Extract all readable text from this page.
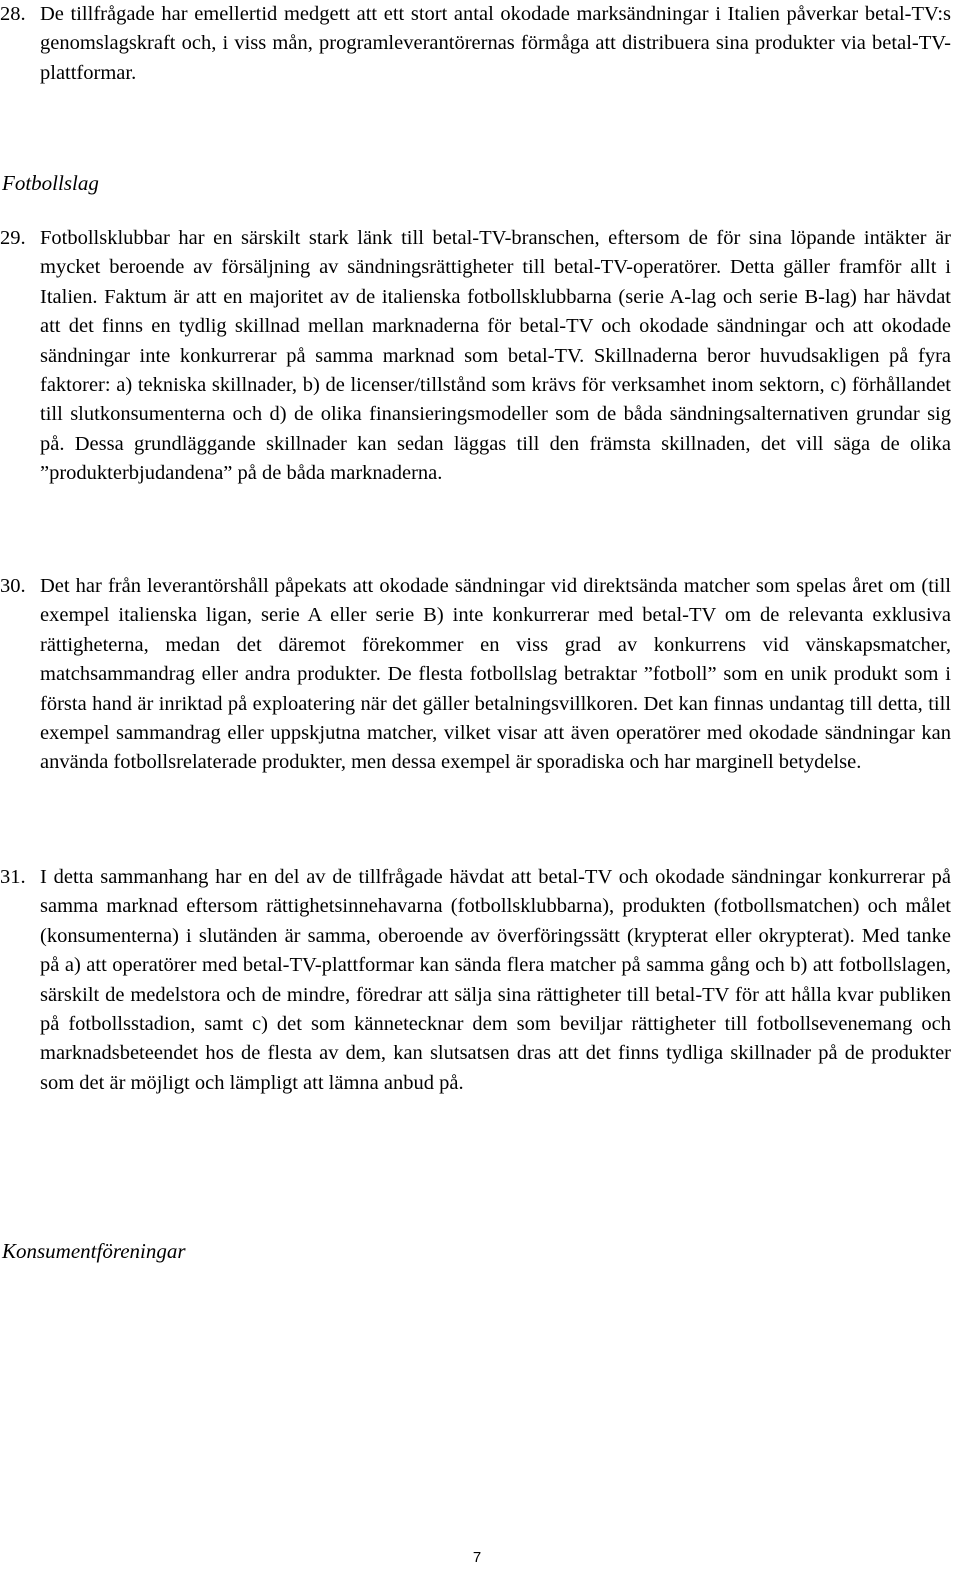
28. De tillfrågade har emellertid medgett att ett stort antal okodade marksändningar i Italien påverkar betal-TV:s genomslagskraft och, i viss mån, programleverantörernas förmåga att distribuera sina produkter via betal-TV-plattformar.

Fotbollslag

29. Fotbollsklubbar har en särskilt stark länk till betal-TV-branschen, eftersom de för sina löpande intäkter är mycket beroende av försäljning av sändningsrättigheter till betal-TV-operatörer. Detta gäller framför allt i Italien. Faktum är att en majoritet av de italienska fotbollsklubbarna (serie A-lag och serie B-lag) har hävdat att det finns en tydlig skillnad mellan marknaderna för betal-TV och okodade sändningar och att okodade sändningar inte konkurrerar på samma marknad som betal-TV. Skillnaderna beror huvudsakligen på fyra faktorer: a) tekniska skillnader, b) de licenser/tillstånd som krävs för verksamhet inom sektorn, c) förhållandet till slutkonsumenterna och d) de olika finansieringsmodeller som de båda sändningsalternativen grundar sig på. Dessa grundläggande skillnader kan sedan läggas till den främsta skillnaden, det vill säga de olika ”produkterbjudandena” på de båda marknaderna.

30. Det har från leverantörshåll påpekats att okodade sändningar vid direktsända matcher som spelas året om (till exempel italienska ligan, serie A eller serie B) inte konkurrerar med betal-TV om de relevanta exklusiva rättigheterna, medan det däremot förekommer en viss grad av konkurrens vid vänskapsmatcher, matchsammandrag eller andra produkter. De flesta fotbollslag betraktar ”fotboll” som en unik produkt som i första hand är inriktad på exploatering när det gäller betalningsvillkoren. Det kan finnas undantag till detta, till exempel sammandrag eller uppskjutna matcher, vilket visar att även operatörer med okodade sändningar kan använda fotbollsrelaterade produkter, men dessa exempel är sporadiska och har marginell betydelse.

31. I detta sammanhang har en del av de tillfrågade hävdat att betal-TV och okodade sändningar konkurrerar på samma marknad eftersom rättighetsinnehavarna (fotbollsklubbarna), produkten (fotbollsmatchen) och målet (konsumenterna) i slutänden är samma, oberoende av överföringssätt (krypterat eller okrypterat). Med tanke på a) att operatörer med betal-TV-plattformar kan sända flera matcher på samma gång och b) att fotbollslagen, särskilt de medelstora och de mindre, föredrar att sälja sina rättigheter till betal-TV för att hålla kvar publiken på fotbollsstadion, samt c) det som kännetecknar dem som beviljar rättigheter till fotbollsevenemang och marknadsbeteendet hos de flesta av dem, kan slutsatsen dras att det finns tydliga skillnader på de produkter som det är möjligt och lämpligt att lämna anbud på.

Konsumentföreningar

7
